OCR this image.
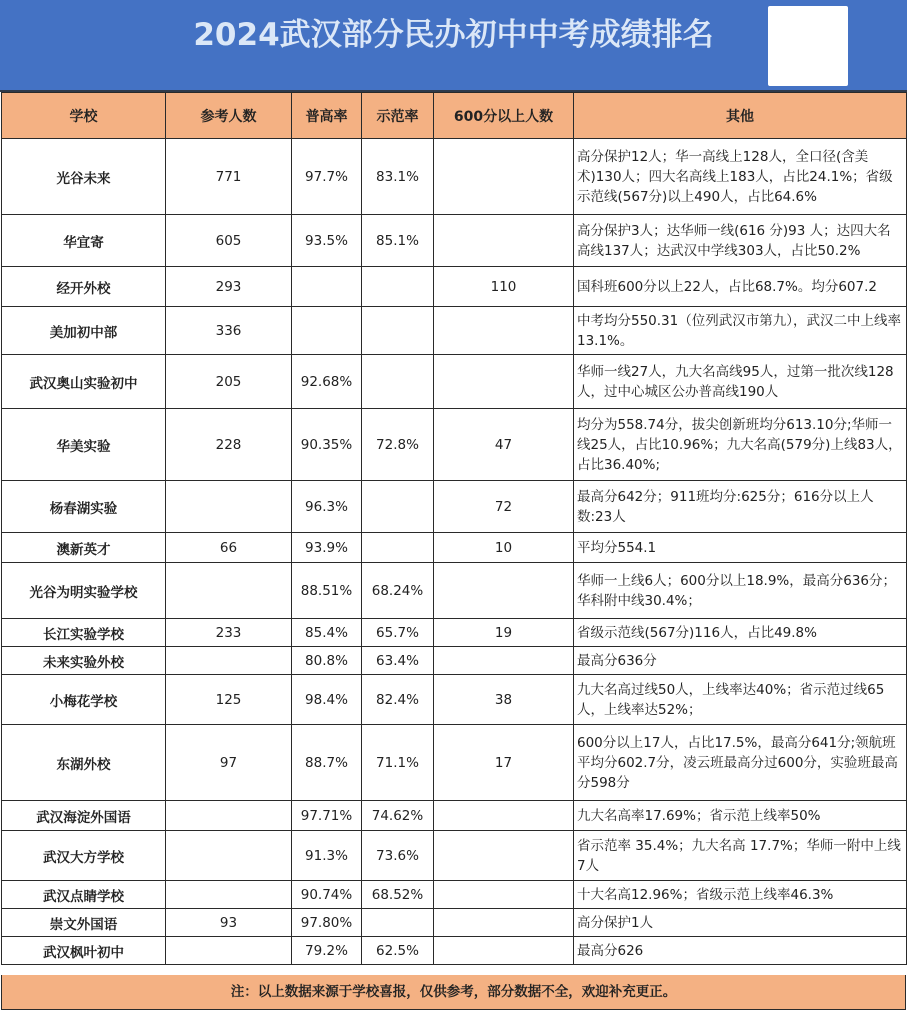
2024武汉部分民办初中中考成绩排名
学校	参考人数	普高率	示范率	600分以上人数	其他
光谷未来	771	97.7%	83.1%		高分保护12人；华一高线上128人，全口径(含美术)130人；四大名高线上183人，占比24.1%；省级示范线(567分)以上490人，占比64.6%
华宜寄	605	93.5%	85.1%		高分保护3人；达华师一线(616 分)93 人；达四大名高线137人；达武汉中学线303人，占比50.2%
经开外校	293			110	国科班600分以上22人，占比68.7%。均分607.2
美加初中部	336				中考均分550.31（位列武汉市第九），武汉二中上线率13.1%。
武汉奥山实验初中	205	92.68%			华师一线27人，九大名高线95人，过第一批次线128人，过中心城区公办普高线190人
华美实验	228	90.35%	72.8%	47	均分为558.74分，拔尖创新班均分613.10分;华师一线25人，占比10.96%；九大名高(579分)上线83人，占比36.40%;
杨春湖实验		96.3%		72	最高分642分；911班均分:625分；616分以上人数:23人
澳新英才	66	93.9%		10	平均分554.1
光谷为明实验学校		88.51%	68.24%		华师一上线6人；600分以上18.9%，最高分636分；华科附中线30.4%；
长江实验学校	233	85.4%	65.7%	19	省级示范线(567分)116人，占比49.8%
未来实验外校		80.8%	63.4%		最高分636分
小梅花学校	125	98.4%	82.4%	38	九大名高过线50人，上线率达40%；省示范过线65人，上线率达52%；
东湖外校	97	88.7%	71.1%	17	600分以上17人，占比17.5%，最高分641分;领航班平均分602.7分，凌云班最高分过600分，实验班最高分598分
武汉海淀外国语		97.71%	74.62%		九大名高率17.69%；省示范上线率50%
武汉大方学校		91.3%	73.6%		省示范率 35.4%；九大名高 17.7%；华师一附中上线7人
武汉点睛学校		90.74%	68.52%		十大名高12.96%；省级示范上线率46.3%
崇文外国语	93	97.80%			高分保护1人
武汉枫叶初中		79.2%	62.5%		最高分626
注：以上数据来源于学校喜报，仅供参考，部分数据不全，欢迎补充更正。
